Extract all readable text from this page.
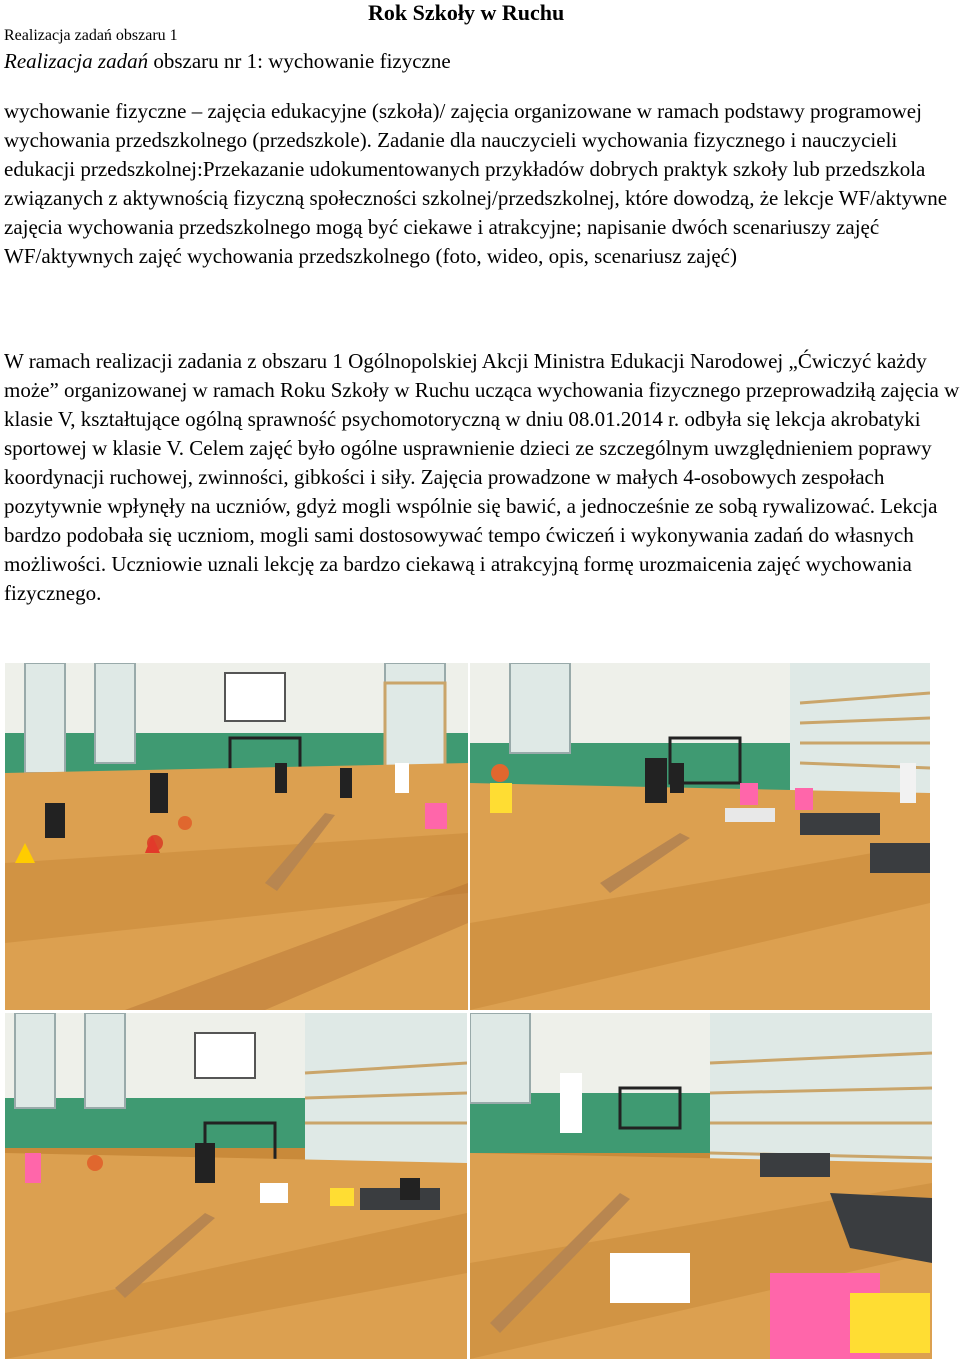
Rok Szkoły w Ruchu
Realizacja zadań obszaru 1
Realizacja zadań obszaru nr 1: wychowanie fizyczne
wychowanie fizyczne – zajęcia edukacyjne (szkoła)/ zajęcia organizowane w ramach podstawy programowej wychowania przedszkolnego (przedszkole). Zadanie dla nauczycieli wychowania fizycznego i nauczycieli edukacji przedszkolnej:Przekazanie udokumentowanych przykładów dobrych praktyk szkoły lub przedszkola związanych z aktywnością fizyczną społeczności szkolnej/przedszkolnej, które dowodzą, że lekcje WF/aktywne zajęcia wychowania przedszkolnego mogą być ciekawe i atrakcyjne; napisanie dwóch scenariuszy zajęć WF/aktywnych zajęć wychowania przedszkolnego (foto, wideo, opis, scenariusz zajęć)
W ramach realizacji zadania z obszaru 1 Ogólnopolskiej Akcji Ministra Edukacji Narodowej „Ćwiczyć każdy może” organizowanej w ramach Roku Szkoły w Ruchu ucząca wychowania fizycznego przeprowadziłą zajęcia w klasie V, kształtujące ogólną sprawność psychomotoryczną w dniu 08.01.2014 r. odbyła się lekcja akrobatyki sportowej w klasie V. Celem zajęć było ogólne usprawnienie dzieci ze szczególnym uwzględnieniem poprawy koordynacji ruchowej, zwinności, gibkości i siły. Zajęcia prowadzone w małych 4-osobowych zespołach pozytywnie wpłynęły na uczniów, gdyż mogli wspólnie się bawić, a jednocześnie ze sobą rywalizować. Lekcja bardzo podobała się uczniom, mogli sami dostosowywać tempo ćwiczeń i wykonywania zadań do własnych możliwości. Uczniowie uznali lekcję za bardzo ciekawą i atrakcyjną formę urozmaicenia zajęć wychowania fizycznego.
